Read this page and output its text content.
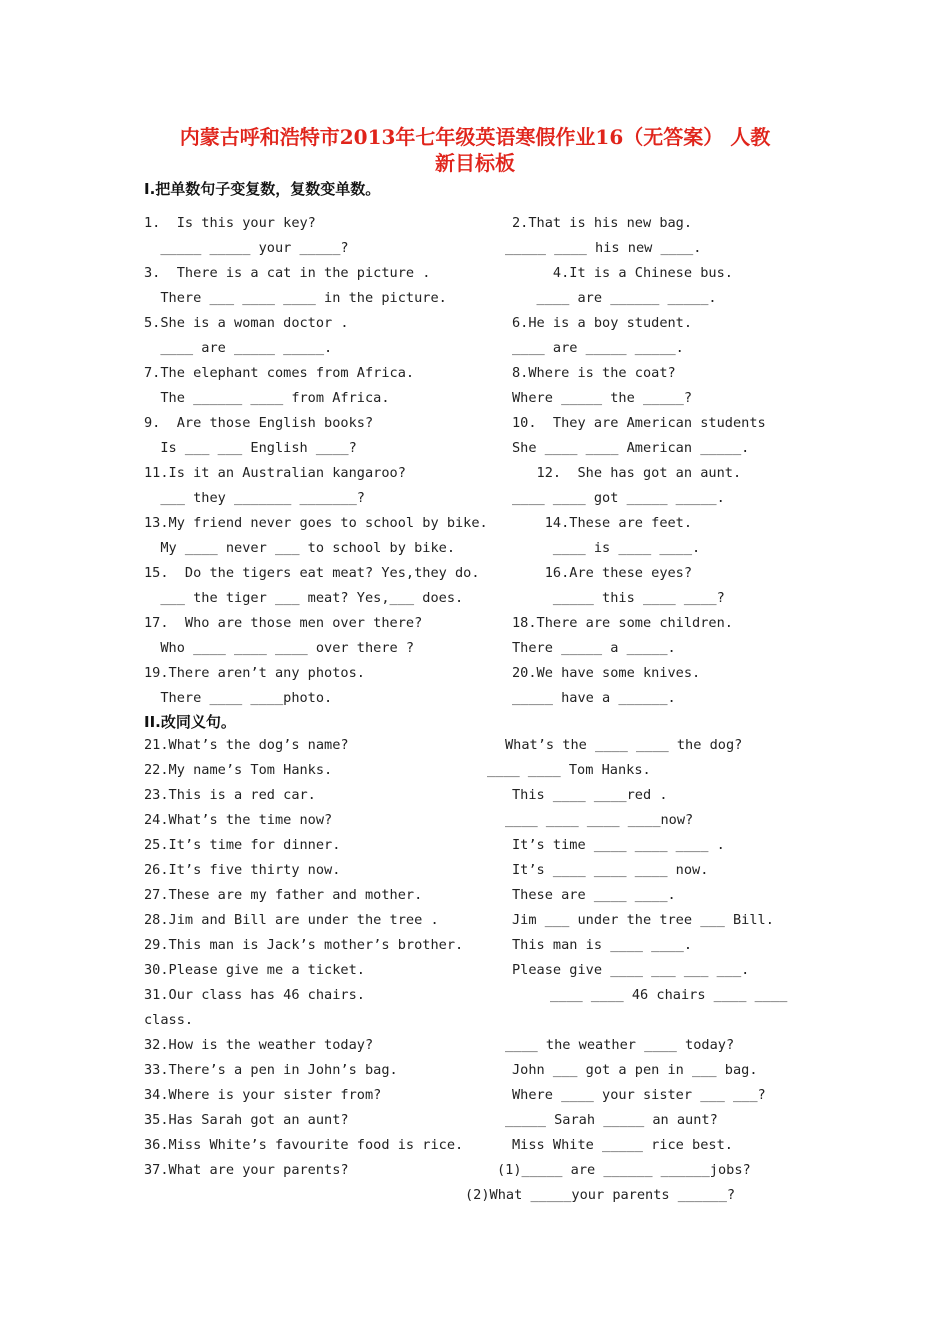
内蒙古呼和浩特市2013年七年级英语寒假作业16（无答案） 人教
新目标板
I.把单数句子变复数，复数变单数。
II.改同义句。
1.  Is this your key?	2.That is his new bag.
_____ _____ your _____?	_____ ____ his new ____.
3.  There is a cat in the picture .	4.It is a Chinese bus.
There ___ ____ ____ in the picture.	____ are ______ _____.
5.She is a woman doctor .	6.He is a boy student.
____ are _____ _____.	____ are _____ _____.
7.The elephant comes from Africa.	8.Where is the coat?
The ______ ____ from Africa.	Where _____ the _____?
9.  Are those English books?	10.  They are American students
Is ___ ___ English ____?	She ____ ____ American _____.
11.Is it an Australian kangaroo?	12.  She has got an aunt.
___ they _______ _______?	____ ____ got _____ _____.
13.My friend never goes to school by bike. 14.These are feet.
My ____ never ___ to school by bike.	____ is ____ ____.
15.  Do the tigers eat meat? Yes,they do. 16.Are these eyes?
___ the tiger ___ meat? Yes,___ does.	_____ this ____ ____?
17.  Who are those men over there?	18.There are some children.
Who ____ ____ ____ over there ?	There _____ a _____.
19.There aren’t any photos.	20.We have some knives.
There ____ ____photo.	_____ have a ______.
21.What’s the dog’s name?	What’s the ____ ____ the dog?
22.My name’s Tom Hanks.	____ ____ Tom Hanks.
23.This is a red car.	This ____ ____red .
24.What’s the time now?	____ ____ ____ ____now?
25.It’s time for dinner.	It’s time ____ ____ ____ .
26.It’s five thirty now.	It’s ____ ____ ____ now.
27.These are my father and mother.	These are ____ ____.
28.Jim and Bill are under the tree .	Jim ___ under the tree ___ Bill.
29.This man is Jack’s mother’s brother.	This man is ____ ____.
30.Please give me a ticket.	Please give ____ ___ ___ ___.
31.Our class has 46 chairs.	____ ____ 46 chairs ____ ____
class.
32.How is the weather today?	____ the weather ____ today?
33.There’s a pen in John’s bag.	John ___ got a pen in ___ bag.
34.Where is your sister from?	Where ____ your sister ___ ___?
35.Has Sarah got an aunt?	_____ Sarah _____ an aunt?
36.Miss White’s favourite food is rice.	Miss White _____ rice best.
37.What are your parents?	(1)_____ are ______ ______jobs?
(2)What _____your parents ______?
